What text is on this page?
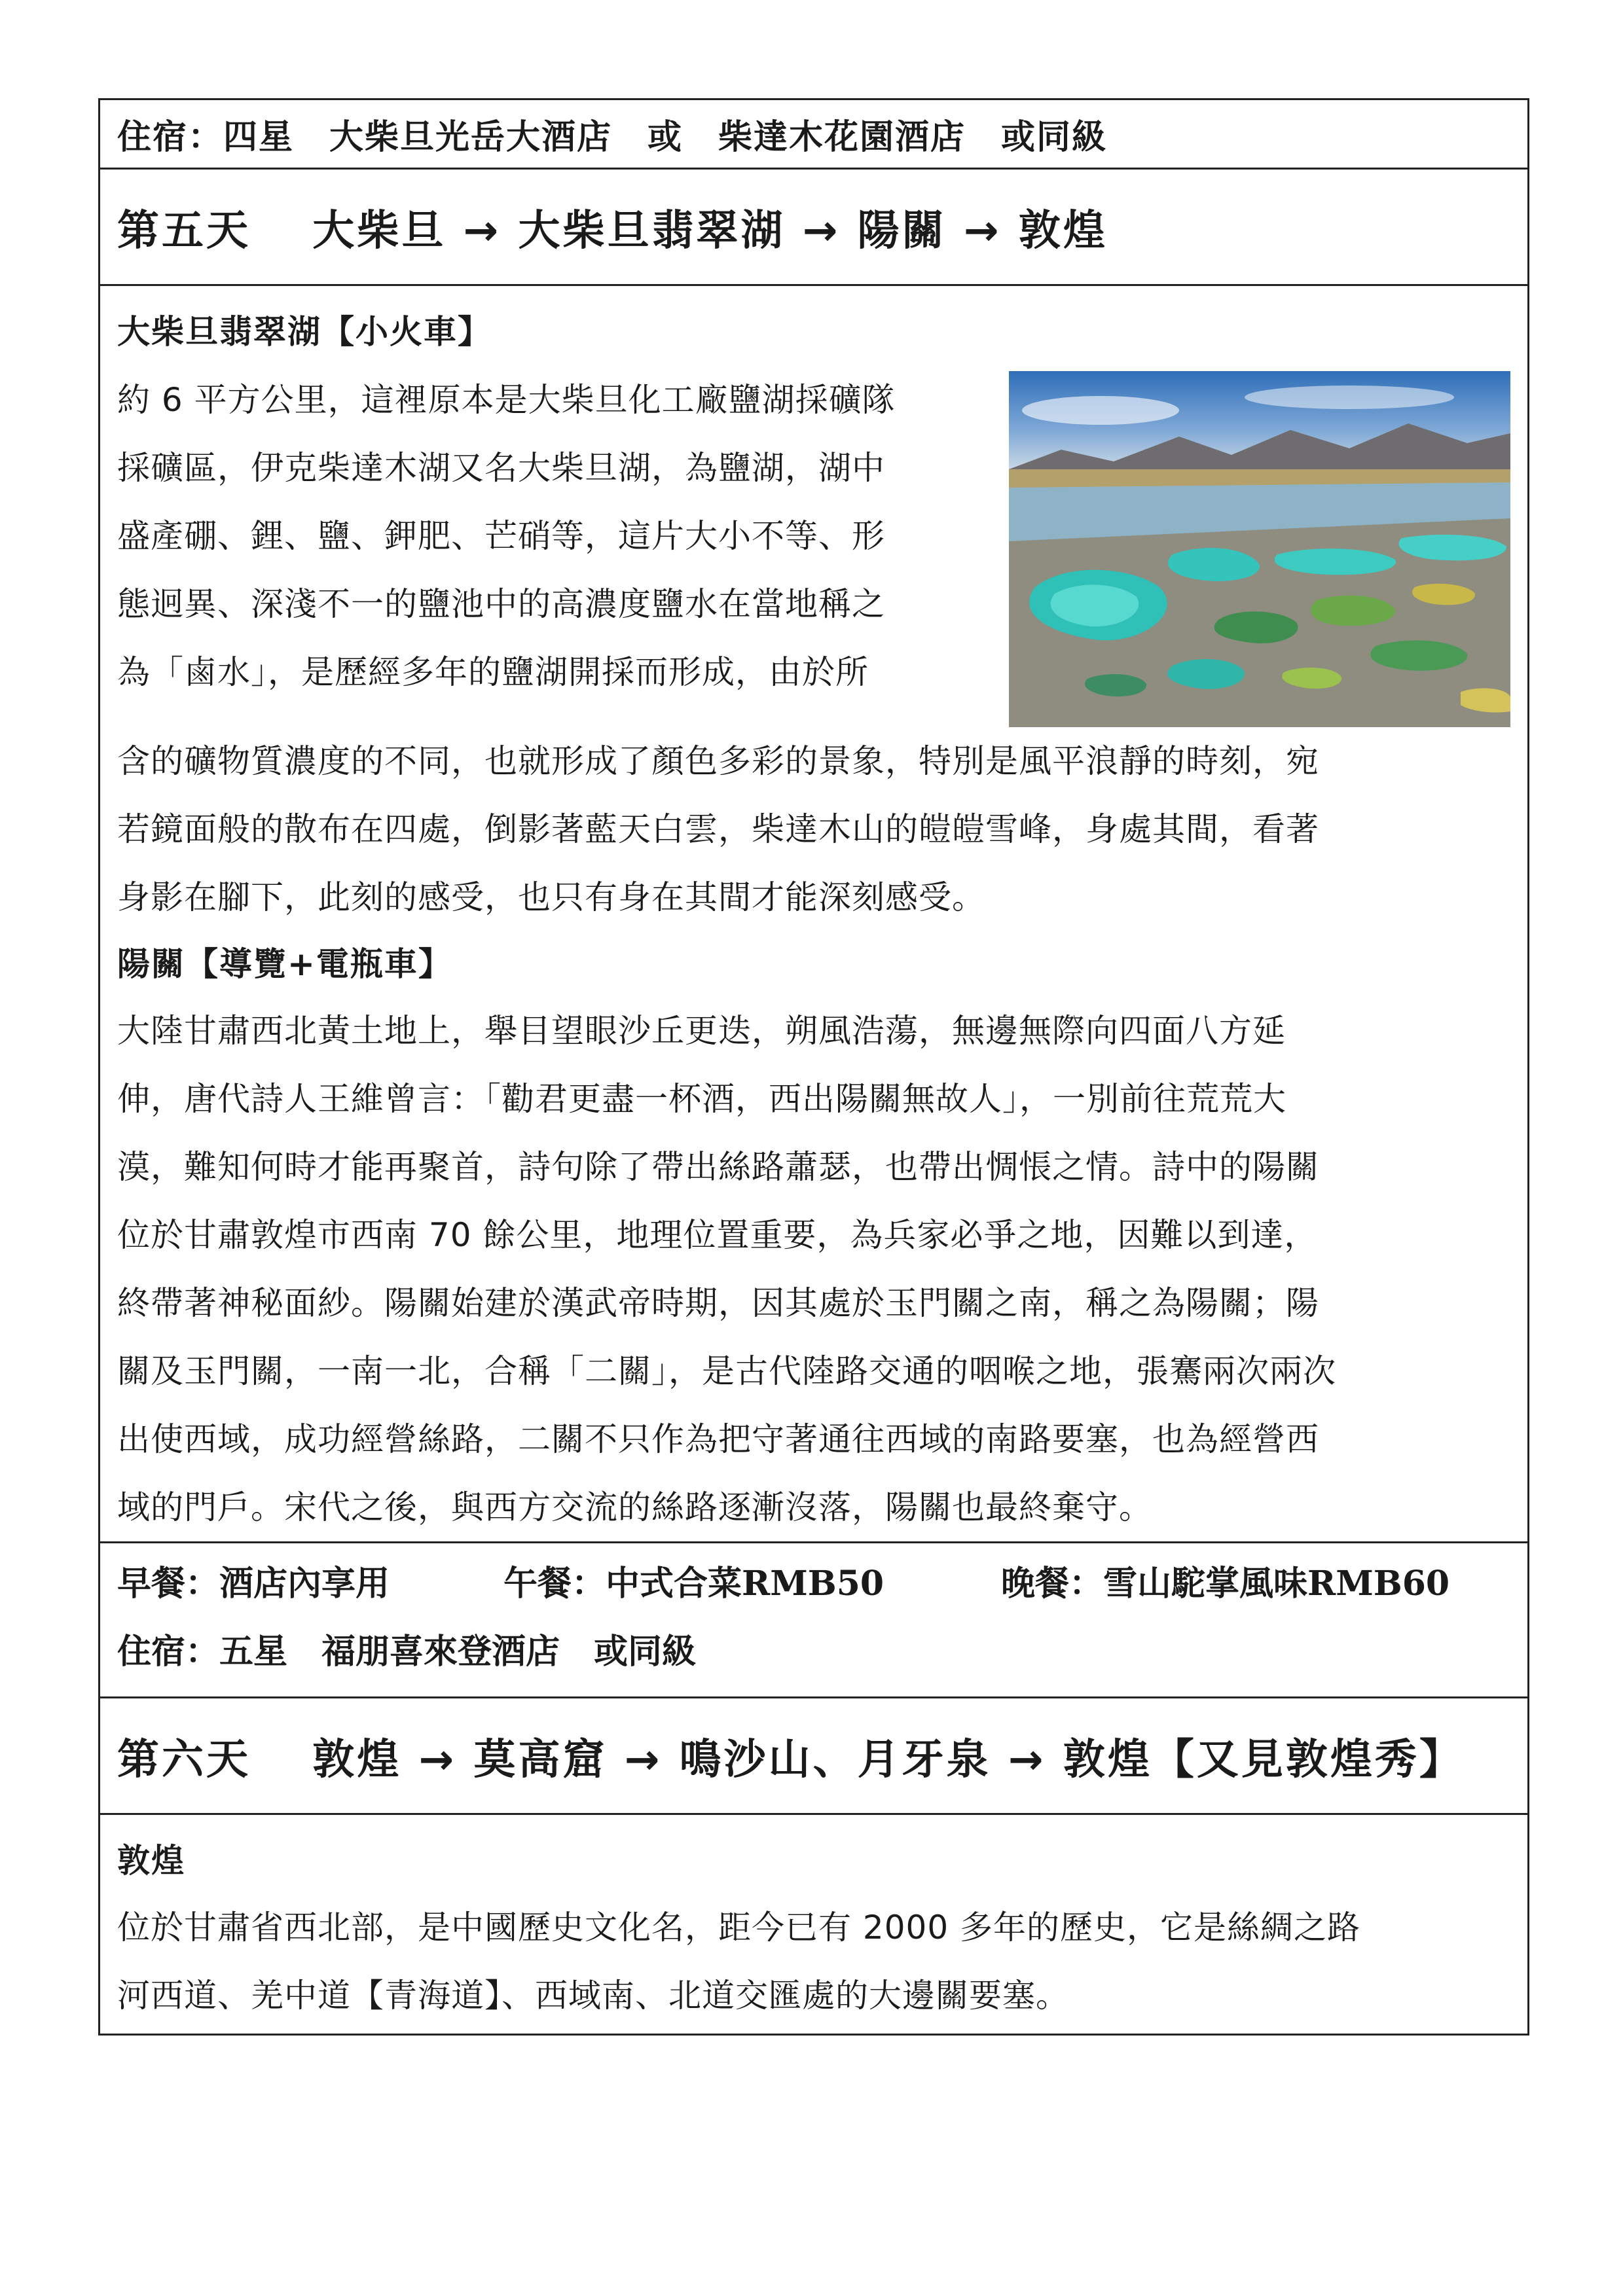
住宿：四星　大柴旦光岳大酒店　或　柴達木花園酒店　或同級
第五天　 大柴旦 → 大柴旦翡翠湖 → 陽關 → 敦煌
大柴旦翡翠湖【小火車】
約 6 平方公里，這裡原本是大柴旦化工廠鹽湖採礦隊
採礦區，伊克柴達木湖又名大柴旦湖，為鹽湖，湖中
盛產硼、鋰、鹽、鉀肥、芒硝等，這片大小不等、形
態迥異、深淺不一的鹽池中的高濃度鹽水在當地稱之
為「鹵水」，是歷經多年的鹽湖開採而形成，由於所
含的礦物質濃度的不同，也就形成了顏色多彩的景象，特別是風平浪靜的時刻，宛
若鏡面般的散布在四處，倒影著藍天白雲，柴達木山的皚皚雪峰，身處其間，看著
身影在腳下，此刻的感受，也只有身在其間才能深刻感受。
陽關【導覽+電瓶車】
大陸甘肅西北黃土地上，舉目望眼沙丘更迭，朔風浩蕩，無邊無際向四面八方延
伸，唐代詩人王維曾言：「勸君更盡一杯酒，西出陽關無故人」，一別前往荒荒大
漠，難知何時才能再聚首，詩句除了帶出絲路蕭瑟，也帶出惆悵之情。詩中的陽關
位於甘肅敦煌市西南 70 餘公里，地理位置重要，為兵家必爭之地，因難以到達，
終帶著神秘面紗。陽關始建於漢武帝時期，因其處於玉門關之南，稱之為陽關；陽
關及玉門關，一南一北，合稱「二關」，是古代陸路交通的咽喉之地，張騫兩次兩次
出使西域，成功經營絲路，二關不只作為把守著通往西域的南路要塞，也為經營西
域的門戶。宋代之後，與西方交流的絲路逐漸沒落，陽關也最終棄守。
早餐：酒店內享用	午餐：中式合菜RMB50	晚餐：雪山駝掌風味RMB60
住宿：五星　福朋喜來登酒店　或同級
第六天　 敦煌 → 莫高窟 → 鳴沙山、月牙泉 → 敦煌【又見敦煌秀】
敦煌
位於甘肅省西北部，是中國歷史文化名，距今已有 2000 多年的歷史，它是絲綢之路
河西道、羌中道【青海道】、西域南、北道交匯處的大邊關要塞。
